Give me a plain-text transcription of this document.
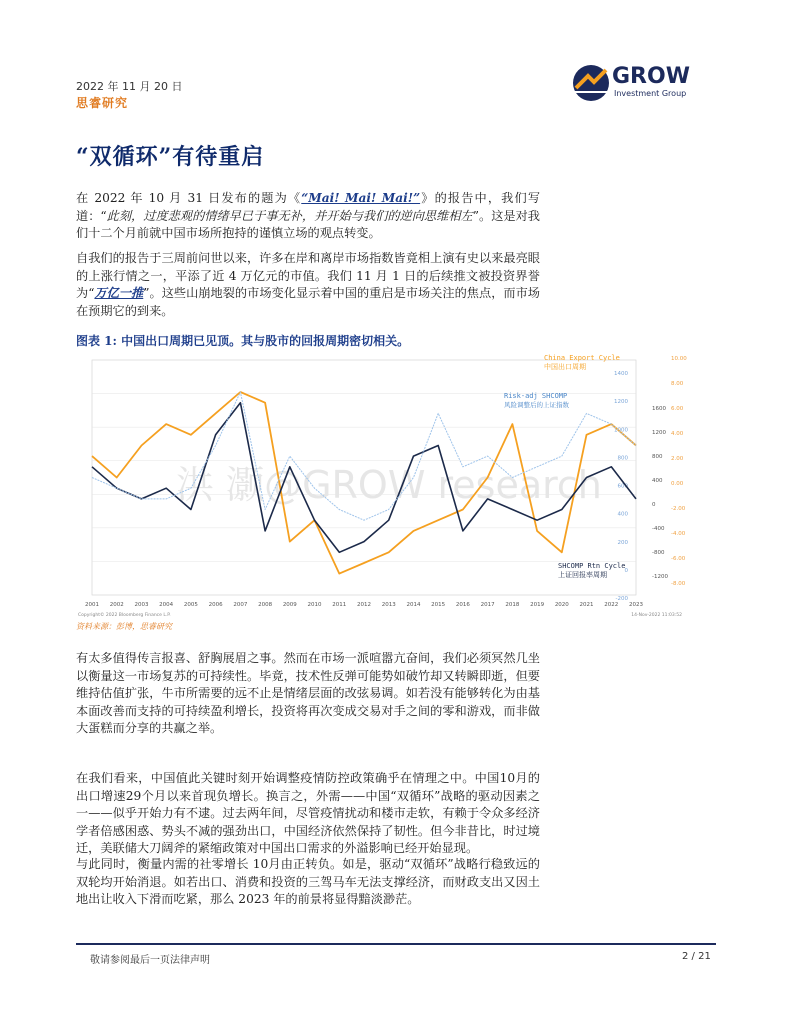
2022 年 11 月 20 日
思睿研究
GROW
Investment Group
“双循环”有待重启
在 2022 年 10 月 31 日发布的题为《“Mai! Mai! Mai!”》的报告中，我们写道：“此刻，过度悲观的情绪早已于事无补，并开始与我们的逆向思维相左”。这是对我们十二个月前就中国市场所抱持的谨慎立场的观点转变。
自我们的报告于三周前问世以来，许多在岸和离岸市场指数皆竟相上演有史以来最亮眼的上涨行情之一，平添了近 4 万亿元的市值。我们 11 月 1 日的后续推文被投资界誉为“万亿一推”。这些山崩地裂的市场变化显示着中国的重启是市场关注的焦点，而市场在预期它的到来。
图表 1: 中国出口周期已见顶。其与股市的回报周期密切相关。
洪 灏@GROW research
2001 2002 2003 2004 2005 2006 2007 2008 2009 2010 2011 2012 2013 2014 2015 2016 2017 2018 2019 2020 2021 2022 2023
1400
1200
1000
800
600
400
200
0
-200
1600
1200
800
400
0
-400
-800
-1200
10.00
8.00
6.00
4.00
2.00
0.00
-2.00
-4.00
-6.00
-8.00
China Export Cycle
中国出口周期
Risk-adj SHCOMP
风险调整后的上证指数
SHCOMP Rtn Cycle
上证回报率周期
Copyright© 2022 Bloomberg Finance L.P.	14-Nov-2022 11:03:52
资料来源：彭博，思睿研究
有太多值得传言报喜、舒胸展眉之事。然而在市场一派喧嚣亢奋间，我们必须冥然几坐以衡量这一市场复苏的可持续性。毕竟，技术性反弹可能势如破竹却又转瞬即逝，但要维持估值扩张，牛市所需要的远不止是情绪层面的改弦易调。如若没有能够转化为由基本面改善而支持的可持续盈利增长，投资将再次变成交易对手之间的零和游戏，而非做大蛋糕而分享的共赢之举。
在我们看来，中国值此关键时刻开始调整疫情防控政策确乎在情理之中。中国10月的出口增速29个月以来首现负增长。换言之，外需——中国“双循环”战略的驱动因素之一——似乎开始力有不逮。过去两年间，尽管疫情扰动和楼市走软，有赖于令众多经济学者倍感困惑、势头不减的强劲出口，中国经济依然保持了韧性。但今非昔比，时过境迁，美联储大刀阔斧的紧缩政策对中国出口需求的外溢影响已经开始显现。
与此同时，衡量内需的社零增长 10月由正转负。如是，驱动“双循环”战略行稳致远的双轮均开始消退。如若出口、消费和投资的三驾马车无法支撑经济，而财政支出又因土地出让收入下滑而吃紧，那么 2023 年的前景将显得黯淡渺茫。
敬请参阅最后一页法律声明	2 / 21
